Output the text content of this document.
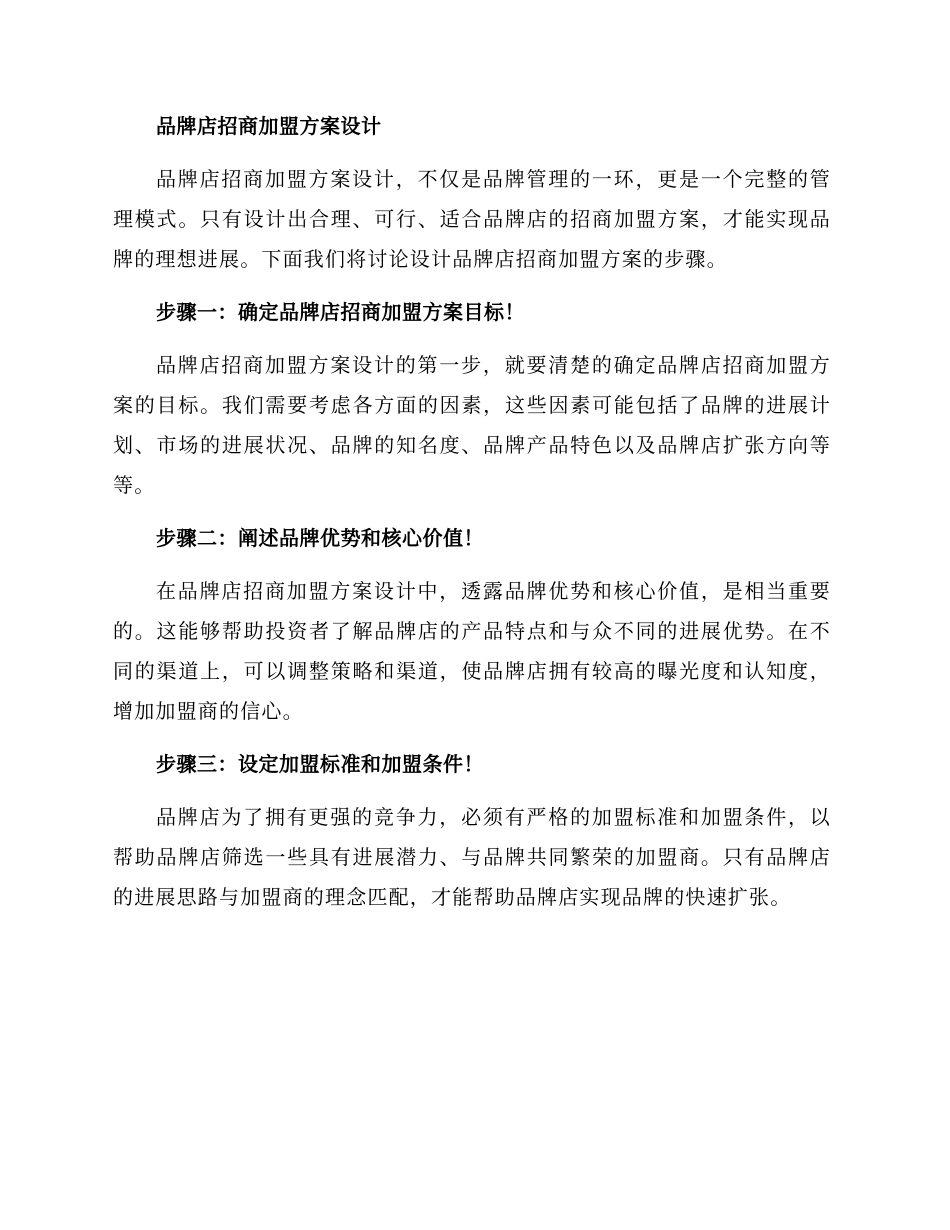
品牌店招商加盟方案设计

品牌店招商加盟方案设计，不仅是品牌管理的一环，更是一个完整的管理模式。只有设计出合理、可行、适合品牌店的招商加盟方案，才能实现品牌的理想进展。下面我们将讨论设计品牌店招商加盟方案的步骤。

步骤一：确定品牌店招商加盟方案目标！

品牌店招商加盟方案设计的第一步，就要清楚的确定品牌店招商加盟方案的目标。我们需要考虑各方面的因素，这些因素可能包括了品牌的进展计划、市场的进展状况、品牌的知名度、品牌产品特色以及品牌店扩张方向等等。

步骤二：阐述品牌优势和核心价值！

在品牌店招商加盟方案设计中，透露品牌优势和核心价值，是相当重要的。这能够帮助投资者了解品牌店的产品特点和与众不同的进展优势。在不同的渠道上，可以调整策略和渠道，使品牌店拥有较高的曝光度和认知度，增加加盟商的信心。

步骤三：设定加盟标准和加盟条件！

品牌店为了拥有更强的竞争力，必须有严格的加盟标准和加盟条件，以帮助品牌店筛选一些具有进展潜力、与品牌共同繁荣的加盟商。只有品牌店的进展思路与加盟商的理念匹配，才能帮助品牌店实现品牌的快速扩张。
